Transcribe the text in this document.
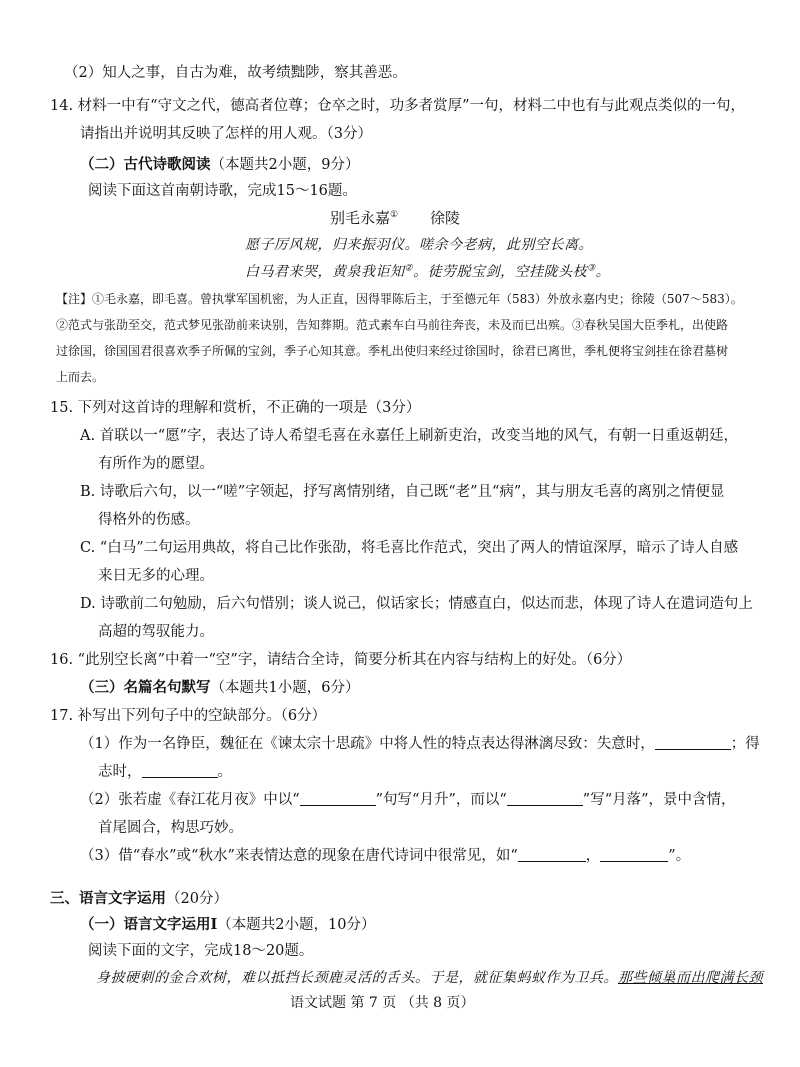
（2）知人之事，自古为难，故考绩黜陟，察其善恶。
14. 材料一中有“守文之代，德高者位尊；仓卒之时，功多者赏厚”一句，材料二中也有与此观点类似的一句，
请指出并说明其反映了怎样的用人观。（3分）
（二）古代诗歌阅读（本题共2小题，9分）
阅读下面这首南朝诗歌，完成15～16题。
别毛永嘉① 徐陵
愿子厉风规，归来振羽仪。嗟余今老病，此别空长离。
白马君来哭，黄泉我讵知②。徒劳脱宝剑，空挂陇头枝③。
【注】①毛永嘉，即毛喜。曾执掌军国机密，为人正直，因得罪陈后主，于至德元年（583）外放永嘉内史；徐陵（507～583）。
②范式与张劭至交，范式梦见张劭前来诀别，告知葬期。范式素车白马前往奔丧，未及而已出殡。③春秋吴国大臣季札，出使路
过徐国，徐国国君很喜欢季子所佩的宝剑，季子心知其意。季札出使归来经过徐国时，徐君已离世，季札便将宝剑挂在徐君墓树
上而去。
15. 下列对这首诗的理解和赏析，不正确的一项是（3分）
A. 首联以一“愿”字，表达了诗人希望毛喜在永嘉任上刷新吏治，改变当地的风气，有朝一日重返朝廷，
有所作为的愿望。
B. 诗歌后六句，以一“嗟”字领起，抒写离情别绪，自己既“老”且“病”，其与朋友毛喜的离别之情便显
得格外的伤感。
C. “白马”二句运用典故，将自己比作张劭，将毛喜比作范式，突出了两人的情谊深厚，暗示了诗人自感
来日无多的心理。
D. 诗歌前二句勉励，后六句惜别；谈人说己，似话家长；情感直白，似达而悲，体现了诗人在遣词造句上
高超的驾驭能力。
16. “此别空长离”中着一“空”字，请结合全诗，简要分析其在内容与结构上的好处。（6分）
（三）名篇名句默写（本题共1小题，6分）
17. 补写出下列句子中的空缺部分。（6分）
（1）作为一名铮臣，魏征在《谏太宗十思疏》中将人性的特点表达得淋漓尽致：失意时，	；得
志时，	。
（2）张若虚《春江花月夜》中以“	”句写“月升”，而以“	”写“月落”，景中含情，
首尾圆合，构思巧妙。
（3）借“春水”或“秋水”来表情达意的现象在唐代诗词中很常见，如“	，	”。
三、语言文字运用（20分）
（一）语言文字运用Ⅰ（本题共2小题，10分）
阅读下面的文字，完成18～20题。
身披硬刺的金合欢树，难以抵挡长颈鹿灵活的舌头。于是，就征集蚂蚁作为卫兵。那些倾巢而出爬满长颈
语文试题 第 7 页 （共 8 页）
